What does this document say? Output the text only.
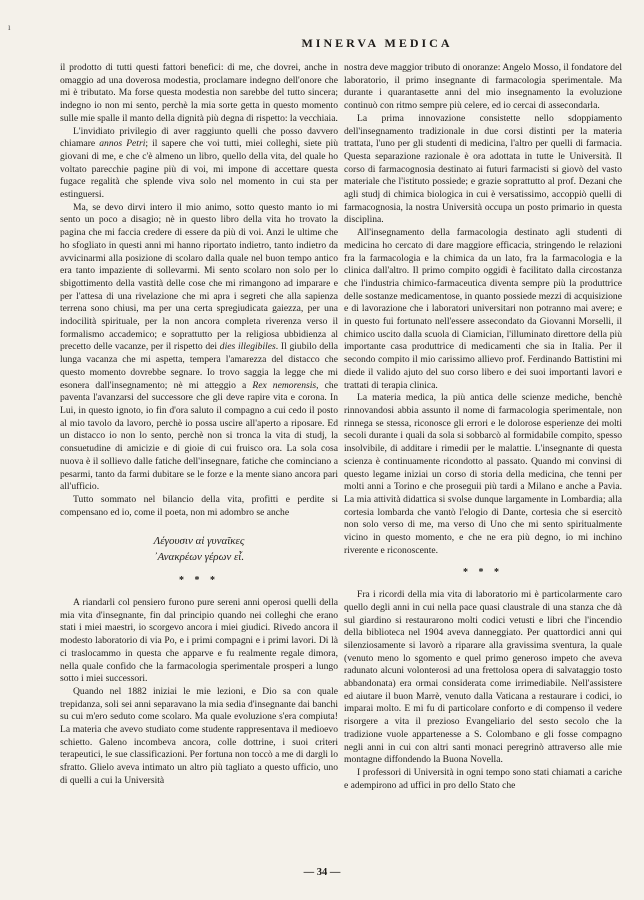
ı
MINERVA MEDICA

il prodotto di tutti questi fattori benefici: di me, che dovrei, anche in omaggio ad una doverosa modestia, proclamare indegno dell'onore che mi è tributato. Ma forse questa modestia non sarebbe del tutto sincera; indegno io non mi sento, perchè la mia sorte getta in questo momento sulle mie spalle il manto della dignità più degna di rispetto: la vecchiaia.

L'invidiato privilegio di aver raggiunto quelli che posso davvero chiamare annos Petri; il sapere che voi tutti, miei colleghi, siete più giovani di me, e che c'è almeno un libro, quello della vita, del quale ho voltato parecchie pagine più di voi, mi impone di accettare questa fugace regalità che splende viva solo nel momento in cui sta per estinguersi.

Ma, se devo dirvi intero il mio animo, sotto questo manto io mi sento un poco a disagio; nè in questo libro della vita ho trovato la pagina che mi faccia credere di essere da più di voi. Anzi le ultime che ho sfogliato in questi anni mi hanno riportato indietro, tanto indietro da avvicinarmi alla posizione di scolaro dalla quale nel buon tempo antico era tanto impaziente di sollevarmi. Mi sento scolaro non solo per lo sbigottimento della vastità delle cose che mi rimangono ad imparare e per l'attesa di una rivelazione che mi apra i segreti che alla sapienza terrena sono chiusi, ma per una certa spregiudicata gaiezza, per una indocilità spirituale, per la non ancora completa riverenza verso il formalismo accademico; e soprattutto per la religiosa ubbidienza al precetto delle vacanze, per il rispetto dei dies illegibiles. Il giubilo della lunga vacanza che mi aspetta, tempera l'amarezza del distacco che questo momento dovrebbe segnare. Io trovo saggia la legge che mi esonera dall'insegnamento; nè mi atteggio a Rex nemorensis, che paventa l'avanzarsi del successore che gli deve rapire vita e corona. In Lui, in questo ignoto, io fin d'ora saluto il compagno a cui cedo il posto al mio tavolo da lavoro, perchè io possa uscire all'aperto a riposare. Ed un distacco io non lo sento, perchè non si tronca la vita di studj, la consuetudine di amicizie e di gioie di cui fruisco ora. La sola cosa nuova è il sollievo dalle fatiche dell'insegnare, fatiche che cominciano a pesarmi, tanto da farmi dubitare se le forze e la mente siano ancora pari all'ufficio.

Tutto sommato nel bilancio della vita, profitti e perdite si compensano ed io, come il poeta, non mi adombro se anche

Λέγουσιν αἱ γυναῖκες
᾿Ανακρέων γέρων εἶ.
* * *

A riandarli col pensiero furono pure sereni anni operosi quelli della mia vita d'insegnante, fin dal principio quando nei colleghi che erano stati i miei maestri, io scorgevo ancora i miei giudici. Rivedo ancora il modesto laboratorio di via Po, e i primi compagni e i primi lavori. Di là ci traslocammo in questa che apparve e fu realmente regale dimora, nella quale confido che la farmacologia sperimentale prosperi a lungo sotto i miei successori.

Quando nel 1882 iniziai le mie lezioni, e Dio sa con quale trepidanza, soli sei anni separavano la mia sedia d'insegnante dai banchi su cui m'ero seduto come scolaro. Ma quale evoluzione s'era compiuta! La materia che avevo studiato come studente rappresentava il medioevo schietto. Galeno incombeva ancora, colle dottrine, i suoi criteri terapeutici, le sue classificazioni. Per fortuna non toccò a me di dargli lo sfratto. Glielo aveva intimato un altro più tagliato a questo ufficio, uno di quelli a cui la Università

nostra deve maggior tributo di onoranze: Angelo Mosso, il fondatore del laboratorio, il primo insegnante di farmacologia sperimentale. Ma durante i quarantasette anni del mio insegnamento la evoluzione continuò con ritmo sempre più celere, ed io cercai di assecondarla.

La prima innovazione consistette nello sdoppiamento dell'insegnamento tradizionale in due corsi distinti per la materia trattata, l'uno per gli studenti di medicina, l'altro per quelli di farmacia. Questa separazione razionale è ora adottata in tutte le Università. Il corso di farmacognosia destinato ai futuri farmacisti si giovò del vasto materiale che l'istituto possiede; e grazie soprattutto al prof. Dezani che agli studj di chimica biologica in cui è versatissimo, accoppiò quelli di farmacognosia, la nostra Università occupa un posto primario in questa disciplina.

All'insegnamento della farmacologia destinato agli studenti di medicina ho cercato di dare maggiore efficacia, stringendo le relazioni fra la farmacologia e la chimica da un lato, fra la farmacologia e la clinica dall'altro. Il primo compito oggidì è facilitato dalla circostanza che l'industria chimico-farmaceutica diventa sempre più la produttrice delle sostanze medicamentose, in quanto possiede mezzi di acquisizione e di lavorazione che i laboratori universitari non potranno mai avere; e in questo fui fortunato nell'essere assecondato da Giovanni Morselli, il chimico uscito dalla scuola di Ciamician, l'illuminato direttore della più importante casa produttrice di medicamenti che sia in Italia. Per il secondo compito il mio carissimo allievo prof. Ferdinando Battistini mi diede il valido ajuto del suo corso libero e dei suoi importanti lavori e trattati di terapia clinica.

La materia medica, la più antica delle scienze mediche, benchè rinnovandosi abbia assunto il nome di farmacologia sperimentale, non rinnega se stessa, riconosce gli errori e le dolorose esperienze dei molti secoli durante i quali da sola si sobbarcò al formidabile compito, spesso insolvibile, di additare i rimedii per le malattie. L'insegnante di questa scienza è continuamente ricondotto al passato. Quando mi convinsi di questo legame iniziai un corso di storia della medicina, che tenni per molti anni a Torino e che proseguii più tardi a Milano e anche a Pavia. La mia attività didattica si svolse dunque largamente in Lombardia; alla cortesia lombarda che vantò l'elogio di Dante, cortesia che si esercitò non solo verso di me, ma verso di Uno che mi sento spiritualmente vicino in questo momento, e che ne era più degno, io mi inchino riverente e riconoscente.

* * *

Fra i ricordi della mia vita di laboratorio mi è particolarmente caro quello degli anni in cui nella pace quasi claustrale di una stanza che dà sul giardino si restaurarono molti codici vetusti e libri che l'incendio della biblioteca nel 1904 aveva danneggiato. Per quattordici anni qui silenziosamente si lavorò a riparare alla gravissima sventura, la quale (venuto meno lo sgomento e quel primo generoso impeto che aveva radunato alcuni volonterosi ad una frettolosa opera di salvataggio tosto abbandonata) era ormai considerata come irrimediabile. Nell'assistere ed aiutare il buon Marrè, venuto dalla Vaticana a restaurare i codici, io imparai molto. E mi fu di particolare conforto e di compenso il vedere risorgere a vita il prezioso Evangeliario del sesto secolo che la tradizione vuole appartenesse a S. Colombano e gli fosse compagno negli anni in cui con altri santi monaci peregrinò attraverso alle mie montagne diffondendo la Buona Novella.

I professori di Università in ogni tempo sono stati chiamati a cariche e adempirono ad uffici in pro dello Stato che

— 34 —
